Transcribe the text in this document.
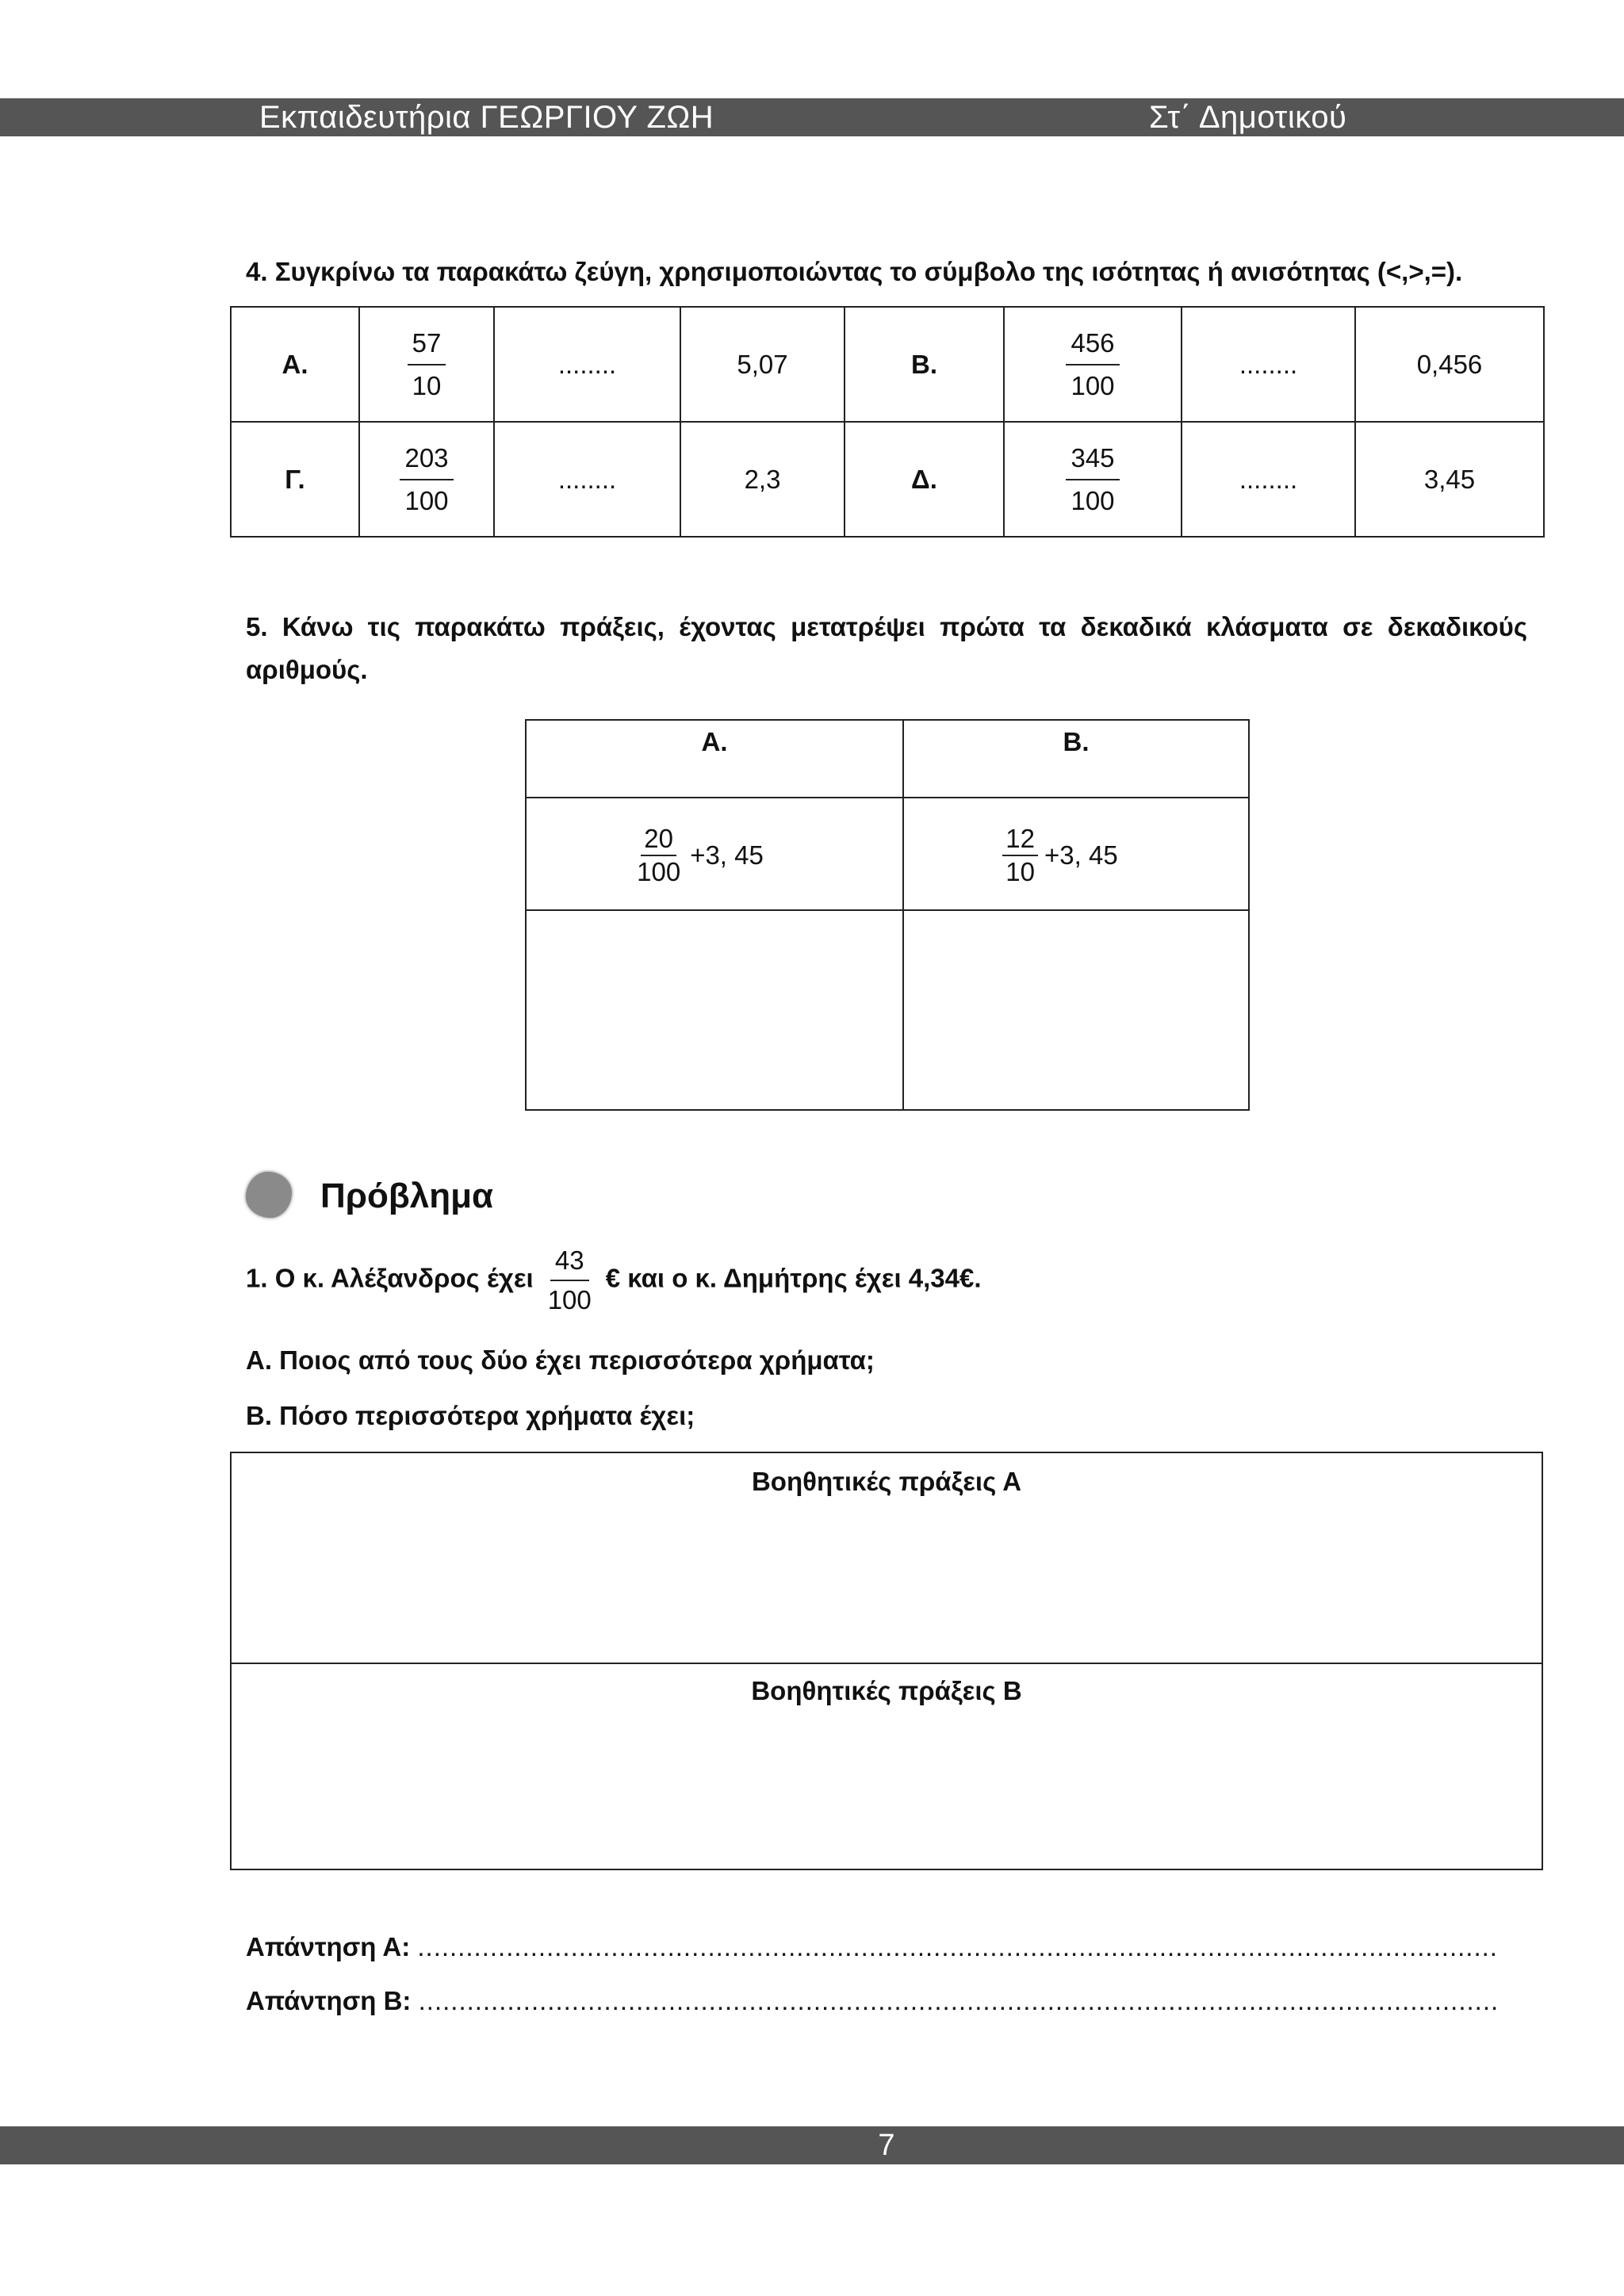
Εκπαιδευτήρια ΓΕΩΡΓΙΟΥ ΖΩΗ	Στ΄ Δημοτικού
4. Συγκρίνω τα παρακάτω ζεύγη, χρησιμοποιώντας το σύμβολο της ισότητας ή ανισότητας (<,>,=).
Α.	$\frac{57}{10}$	........	5,07	Β.	$\frac{456}{100}$	........	0,456
Γ.	$\frac{203}{100}$	........	2,3	Δ.	$\frac{345}{100}$	........	3,45
5. Κάνω τις παρακάτω πράξεις, έχοντας μετατρέψει πρώτα τα δεκαδικά κλάσματα σε δεκαδικούς
αριθμούς.
Α.	Β.

$\frac{20}{100} +3$, 45	$\frac{12}{10} +3$, 45

Πρόβλημα
1. Ο κ. Αλέξανδρος έχει $\frac{43}{100}$ € και ο κ. Δημήτρης έχει 4,34€.
Α. Ποιος από τους δύο έχει περισσότερα χρήματα;
Β. Πόσο περισσότερα χρήματα έχει;
Βοηθητικές πράξεις Α
Βοηθητικές πράξεις Β
Απάντηση Α: ......................................................................................................................................
Απάντηση Β: ......................................................................................................................................
7
